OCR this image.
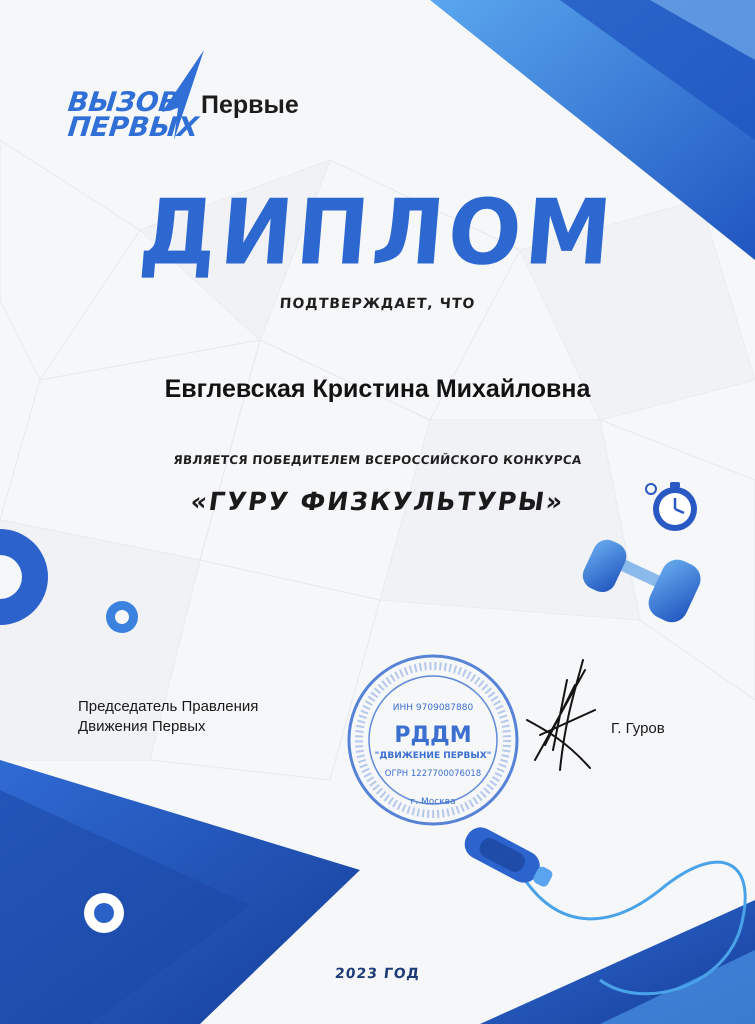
ВЫЗОВ
ПЕРВЫХ
Первые
ДИПЛОМ
ПОДТВЕРЖДАЕТ, ЧТО
Евглевская Кристина Михайловна
ЯВЛЯЕТСЯ ПОБЕДИТЕЛЕМ ВСЕРОССИЙСКОГО КОНКУРСА
«ГУРУ ФИЗКУЛЬТУРЫ»
Председатель Правления
Движения Первых
ИНН 9709087880
РДДМ
"ДВИЖЕНИЕ ПЕРВЫХ"
ОГРН 1227700076018
г. Москва
Г. Гуров
2023 ГОД
